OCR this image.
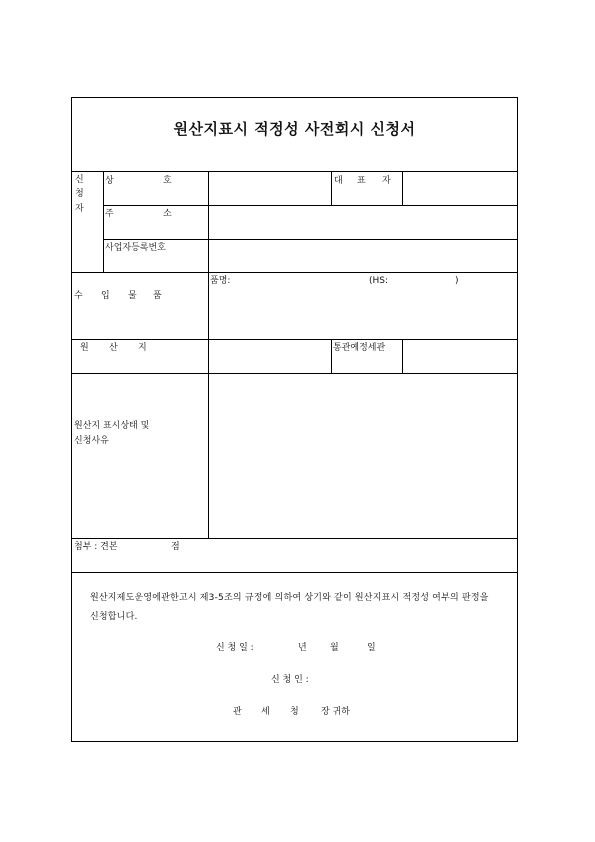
원산지표시 적정성 사전회시 신청서
신
청
자
상	호	대 표 자
주	소
사업자등록번호
수 입 물 품
품명:	(HS:	)
원 산 지	통관예정세관
원산지 표시상태 및
신청사유
첨부 : 견본	점
원산지제도운영에관한고시 제3-5조의 규정에 의하여 상기와 같이 원산지표시 적정성 여부의 판정을 신청합니다.
신 청 일 :	년	월	일
신 청 인 :
관 세 청 장 귀하
